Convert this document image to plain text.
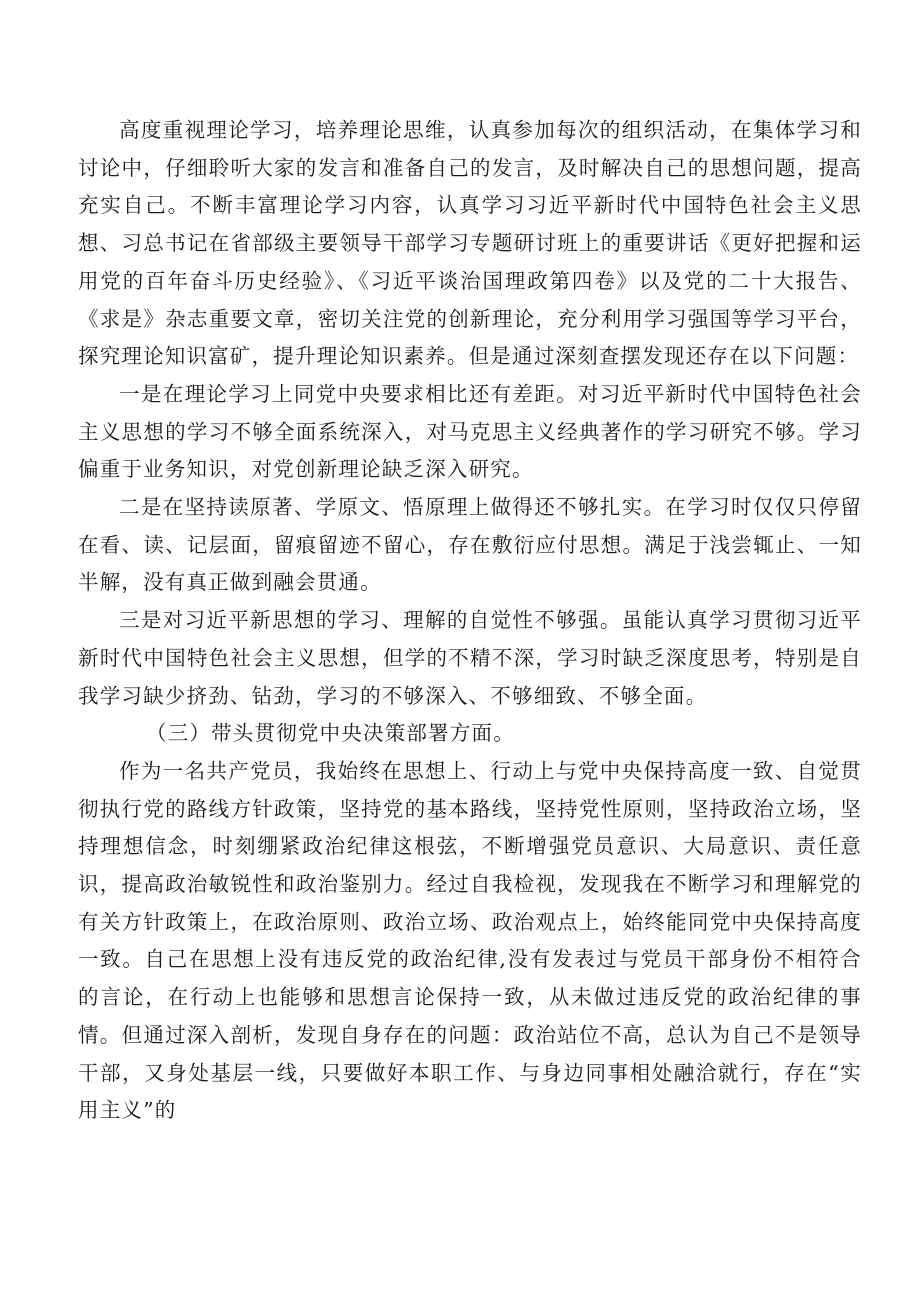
高度重视理论学习，培养理论思维，认真参加每次的组织活动，在集体学习和讨论中，仔细聆听大家的发言和准备自己的发言，及时解决自己的思想问题，提高充实自己。不断丰富理论学习内容，认真学习习近平新时代中国特色社会主义思想、习总书记在省部级主要领导干部学习专题研讨班上的重要讲话《更好把握和运用党的百年奋斗历史经验》、《习近平谈治国理政第四卷》以及党的二十大报告、《求是》杂志重要文章，密切关注党的创新理论，充分利用学习强国等学习平台，探究理论知识富矿，提升理论知识素养。但是通过深刻查摆发现还存在以下问题：

一是在理论学习上同党中央要求相比还有差距。对习近平新时代中国特色社会主义思想的学习不够全面系统深入，对马克思主义经典著作的学习研究不够。学习偏重于业务知识，对党创新理论缺乏深入研究。

二是在坚持读原著、学原文、悟原理上做得还不够扎实。在学习时仅仅只停留在看、读、记层面，留痕留迹不留心，存在敷衍应付思想。满足于浅尝辄止、一知半解，没有真正做到融会贯通。

三是对习近平新思想的学习、理解的自觉性不够强。虽能认真学习贯彻习近平新时代中国特色社会主义思想，但学的不精不深，学习时缺乏深度思考，特别是自我学习缺少挤劲、钻劲，学习的不够深入、不够细致、不够全面。

（三）带头贯彻党中央决策部署方面。

作为一名共产党员，我始终在思想上、行动上与党中央保持高度一致、自觉贯彻执行党的路线方针政策，坚持党的基本路线，坚持党性原则，坚持政治立场，坚持理想信念，时刻绷紧政治纪律这根弦，不断增强党员意识、大局意识、责任意识，提高政治敏锐性和政治鉴别力。经过自我检视，发现我在不断学习和理解党的有关方针政策上，在政治原则、政治立场、政治观点上，始终能同党中央保持高度一致。自己在思想上没有违反党的政治纪律,没有发表过与党员干部身份不相符合的言论，在行动上也能够和思想言论保持一致，从未做过违反党的政治纪律的事情。但通过深入剖析，发现自身存在的问题：政治站位不高，总认为自己不是领导干部，又身处基层一线，只要做好本职工作、与身边同事相处融洽就行，存在“实用主义”的
